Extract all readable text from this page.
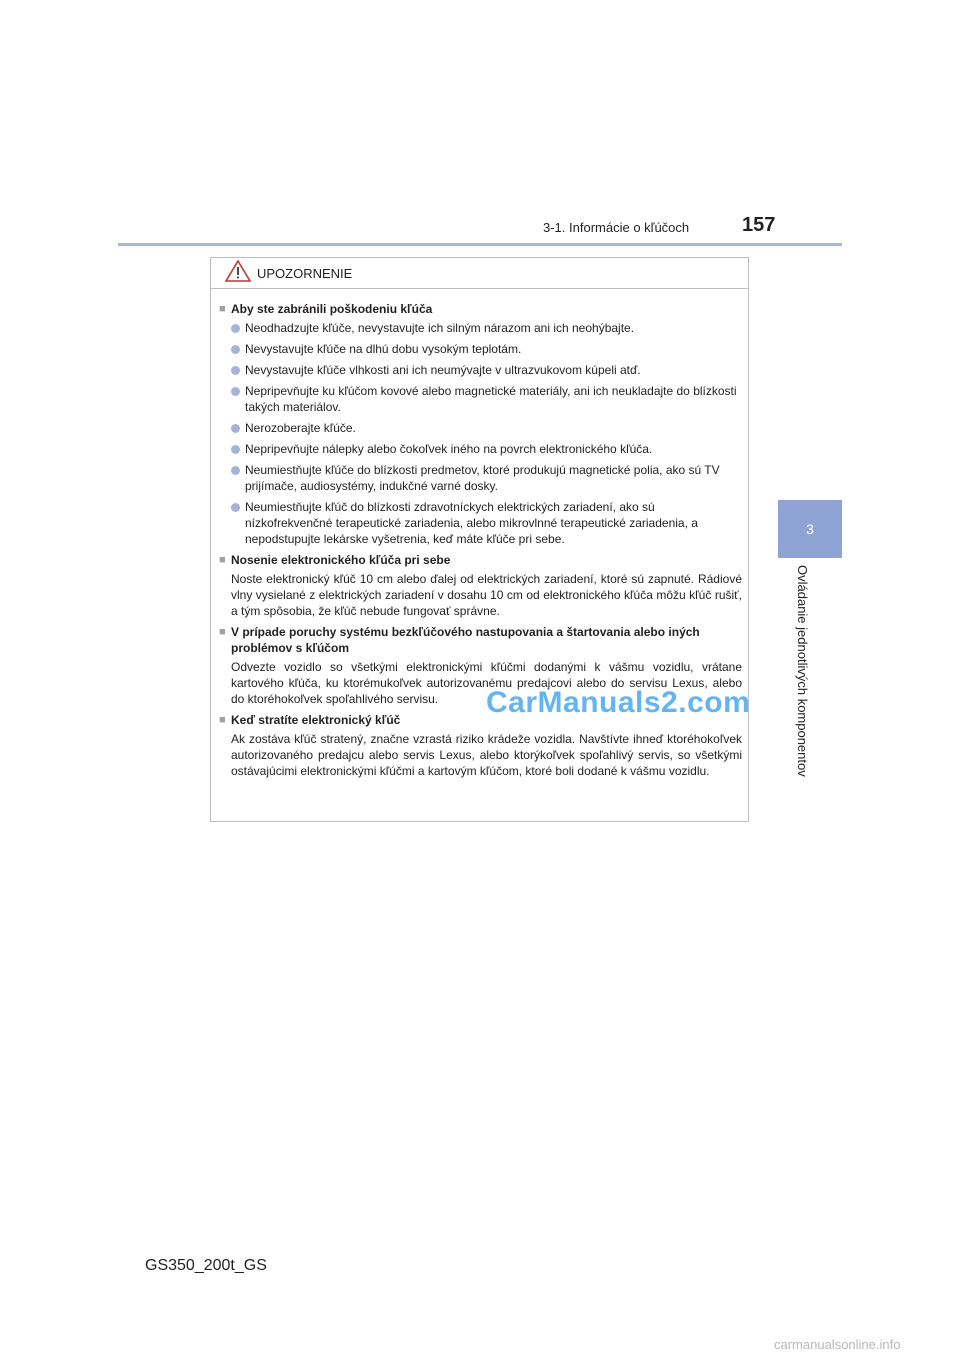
3-1. Informácie o kľúčoch	157
3
Ovládanie jednotlivých komponentov
UPOZORNENIE
■ Aby ste zabránili poškodeniu kľúča
Neodhadzujte kľúče, nevystavujte ich silným nárazom ani ich neohýbajte.
Nevystavujte kľúče na dlhú dobu vysokým teplotám.
Nevystavujte kľúče vlhkosti ani ich neumývajte v ultrazvukovom kúpeli atď.
Nepripevňujte ku kľúčom kovové alebo magnetické materiály, ani ich neukladajte do blízkosti takých materiálov.
Nerozoberajte kľúče.
Nepripevňujte nálepky alebo čokoľvek iného na povrch elektronického kľúča.
Neumiestňujte kľúče do blízkosti predmetov, ktoré produkujú magnetické polia, ako sú TV prijímače, audiosystémy, indukčné varné dosky.
Neumiestňujte kľúč do blízkosti zdravotníckych elektrických zariadení, ako sú nízkofrekvenčné terapeutické zariadenia, alebo mikrovlnné terapeutické zariadenia, a nepodstupujte lekárske vyšetrenia, keď máte kľúče pri sebe.
■ Nosenie elektronického kľúča pri sebe
Noste elektronický kľúč 10 cm alebo ďalej od elektrických zariadení, ktoré sú zapnuté. Rádiové vlny vysielané z elektrických zariadení v dosahu 10 cm od elektronického kľúča môžu kľúč rušiť, a tým spôsobia, že kľúč nebude fungovať správne.
■ V prípade poruchy systému bezkľúčového nastupovania a štartovania alebo iných problémov s kľúčom
Odvezte vozidlo so všetkými elektronickými kľúčmi dodanými k vášmu vozidlu, vrátane kartového kľúča, ku ktorémukoľvek autorizovanému predajcovi alebo do servisu Lexus, alebo do ktoréhokoľvek spoľahlivého servisu.
■ Keď stratíte elektronický kľúč
Ak zostáva kľúč stratený, značne vzrastá riziko krádeže vozidla. Navštívte ihneď ktoréhokoľvek autorizovaného predajcu alebo servis Lexus, alebo ktorýkoľvek spoľahlivý servis, so všetkými ostávajúcimi elektronickými kľúčmi a kartovým kľúčom, ktoré boli dodané k vášmu vozidlu.
CarManuals2.com
GS350_200t_GS
carmanualsonline.info
